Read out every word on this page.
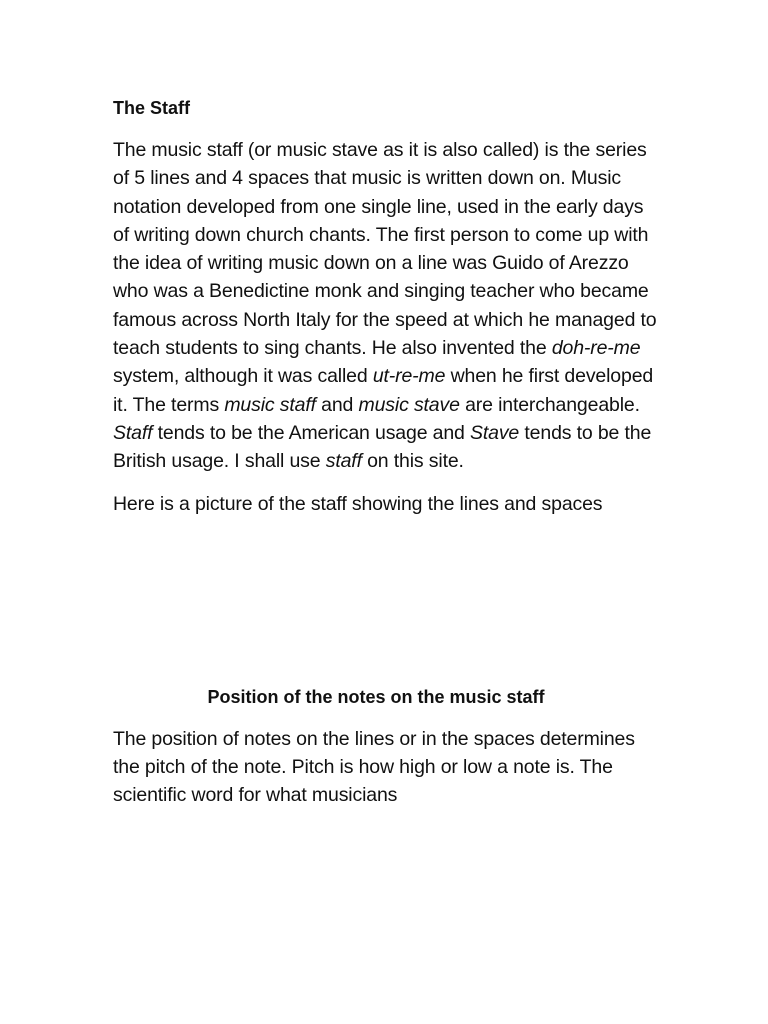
The Staff

The music staff (or music stave as it is also called) is the series of 5 lines and 4 spaces that music is written down on. Music notation developed from one single line, used in the early days of writing down church chants. The first person to come up with the idea of writing music down on a line was Guido of Arezzo who was a Benedictine monk and singing teacher who became famous across North Italy for the speed at which he managed to teach students to sing chants. He also invented the doh-re-me system, although it was called ut-re-me when he first developed it. The terms music staff and music stave are interchangeable. Staff tends to be the American usage and Stave tends to be the British usage. I shall use staff on this site.

Here is a picture of the staff showing the lines and spaces

Position of the notes on the music staff

The position of notes on the lines or in the spaces determines the pitch of the note. Pitch is how high or low a note is. The scientific word for what musicians
